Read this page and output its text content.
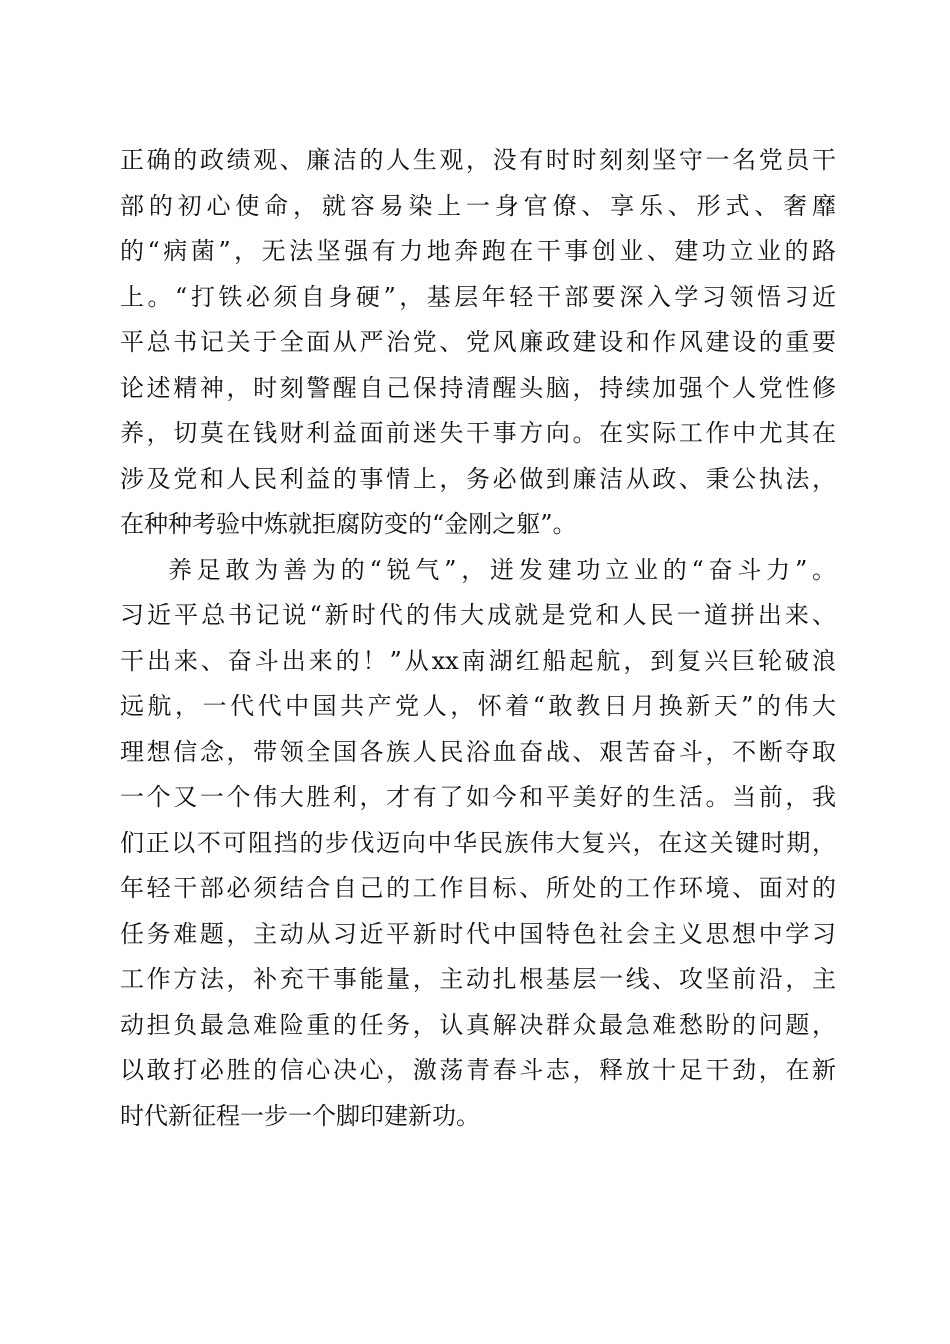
正确的政绩观、廉洁的人生观，没有时时刻刻坚守一名党员干
部的初心使命，就容易染上一身官僚、享乐、形式、奢靡
的“病菌”，无法坚强有力地奔跑在干事创业、建功立业的路
上。“打铁必须自身硬”，基层年轻干部要深入学习领悟习近
平总书记关于全面从严治党、党风廉政建设和作风建设的重要
论述精神，时刻警醒自己保持清醒头脑，持续加强个人党性修
养，切莫在钱财利益面前迷失干事方向。在实际工作中尤其在
涉及党和人民利益的事情上，务必做到廉洁从政、秉公执法，
在种种考验中炼就拒腐防变的“金刚之躯”。
养足敢为善为的“锐气”，迸发建功立业的“奋斗力”。
习近平总书记说“新时代的伟大成就是党和人民一道拼出来、
干出来、奋斗出来的！”从xx南湖红船起航，到复兴巨轮破浪
远航，一代代中国共产党人，怀着“敢教日月换新天”的伟大
理想信念，带领全国各族人民浴血奋战、艰苦奋斗，不断夺取
一个又一个伟大胜利，才有了如今和平美好的生活。当前，我
们正以不可阻挡的步伐迈向中华民族伟大复兴，在这关键时期，
年轻干部必须结合自己的工作目标、所处的工作环境、面对的
任务难题，主动从习近平新时代中国特色社会主义思想中学习
工作方法，补充干事能量，主动扎根基层一线、攻坚前沿，主
动担负最急难险重的任务，认真解决群众最急难愁盼的问题，
以敢打必胜的信心决心，激荡青春斗志，释放十足干劲，在新
时代新征程一步一个脚印建新功。
